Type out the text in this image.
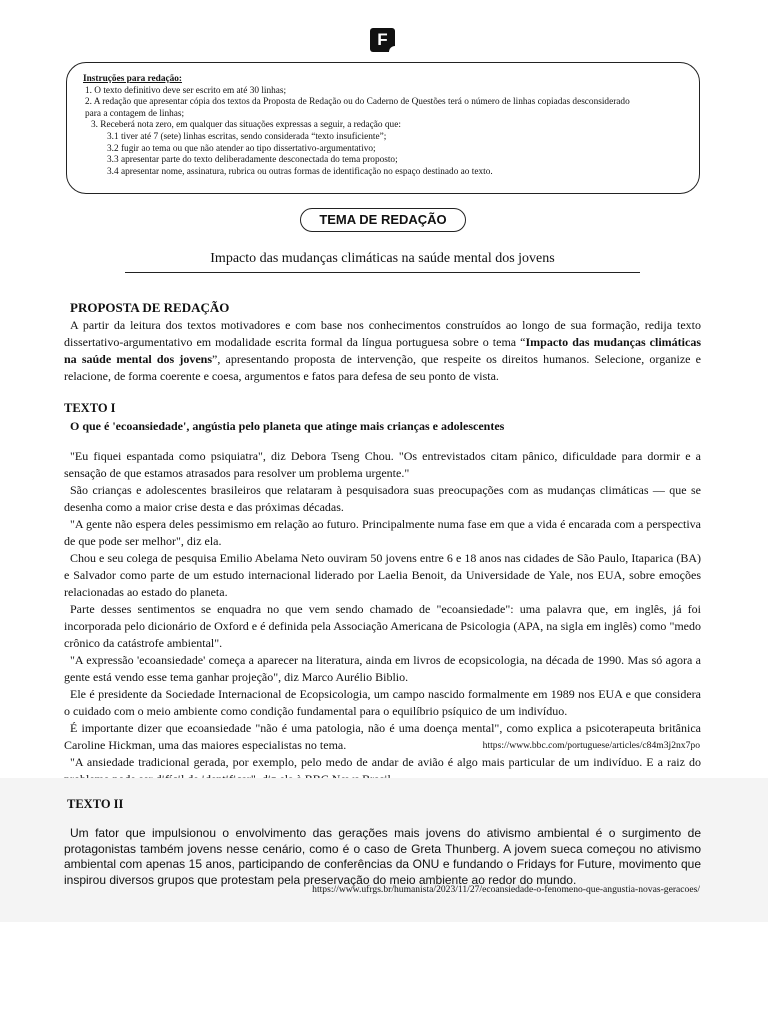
F
Instruções para redação:
1. O texto definitivo deve ser escrito em até 30 linhas;
2. A redação que apresentar cópia dos textos da Proposta de Redação ou do Caderno de Questões terá o número de linhas copiadas desconsiderado
para a contagem de linhas;
3. Receberá nota zero, em qualquer das situações expressas a seguir, a redação que:
3.1 tiver até 7 (sete) linhas escritas, sendo considerada “texto insuficiente”;
3.2 fugir ao tema ou que não atender ao tipo dissertativo-argumentativo;
3.3 apresentar parte do texto deliberadamente desconectada do tema proposto;
3.4 apresentar nome, assinatura, rubrica ou outras formas de identificação no espaço destinado ao texto.
TEMA DE REDAÇÃO
Impacto das mudanças climáticas na saúde mental dos jovens
PROPOSTA DE REDAÇÃO

A partir da leitura dos textos motivadores e com base nos conhecimentos construídos ao longo de sua formação, redija texto dissertativo-argumentativo em modalidade escrita formal da língua portuguesa sobre o tema “Impacto das mudanças climáticas na saúde mental dos jovens”, apresentando proposta de intervenção, que respeite os direitos humanos. Selecione, organize e relacione, de forma coerente e coesa, argumentos e fatos para defesa de seu ponto de vista.

TEXTO I
O que é 'ecoansiedade', angústia pelo planeta que atinge mais crianças e adolescentes

"Eu fiquei espantada como psiquiatra", diz Debora Tseng Chou. "Os entrevistados citam pânico, dificuldade para dormir e a sensação de que estamos atrasados para resolver um problema urgente."

São crianças e adolescentes brasileiros que relataram à pesquisadora suas preocupações com as mudanças climáticas — que se desenha como a maior crise desta e das próximas décadas.

"A gente não espera deles pessimismo em relação ao futuro. Principalmente numa fase em que a vida é encarada com a perspectiva de que pode ser melhor", diz ela.

Chou e seu colega de pesquisa Emilio Abelama Neto ouviram 50 jovens entre 6 e 18 anos nas cidades de São Paulo, Itaparica (BA) e Salvador como parte de um estudo internacional liderado por Laelia Benoit, da Universidade de Yale, nos EUA, sobre emoções relacionadas ao estado do planeta.

Parte desses sentimentos se enquadra no que vem sendo chamado de "ecoansiedade": uma palavra que, em inglês, já foi incorporada pelo dicionário de Oxford e é definida pela Associação Americana de Psicologia (APA, na sigla em inglês) como "medo crônico da catástrofe ambiental".

"A expressão 'ecoansiedade' começa a aparecer na literatura, ainda em livros de ecopsicologia, na década de 1990. Mas só agora a gente está vendo esse tema ganhar projeção", diz Marco Aurélio Biblio.

Ele é presidente da Sociedade Internacional de Ecopsicologia, um campo nascido formalmente em 1989 nos EUA e que considera o cuidado com o meio ambiente como condição fundamental para o equilíbrio psíquico de um indivíduo.

É importante dizer que ecoansiedade "não é uma patologia, não é uma doença mental", como explica a psicoterapeuta britânica Caroline Hickman, uma das maiores especialistas no tema.

"A ansiedade tradicional gerada, por exemplo, pelo medo de andar de avião é algo mais particular de um indivíduo. E a raiz do

https://www.bbc.com/portuguese/articles/c84m3j2nx7po
TEXTO II

Um fator que impulsionou o envolvimento das gerações mais jovens do ativismo ambiental é o surgimento de protagonistas também jovens nesse cenário, como é o caso de Greta Thunberg. A jovem sueca começou no ativismo ambiental com apenas 15 anos, participando de conferências da ONU e fundando o Fridays for Future, movimento que inspirou diversos grupos que protestam pela preservação do meio ambiente ao redor do mundo.

https://www.ufrgs.br/humanista/2023/11/27/ecoansiedade-o-fenomeno-que-angustia-novas-geracoes/
